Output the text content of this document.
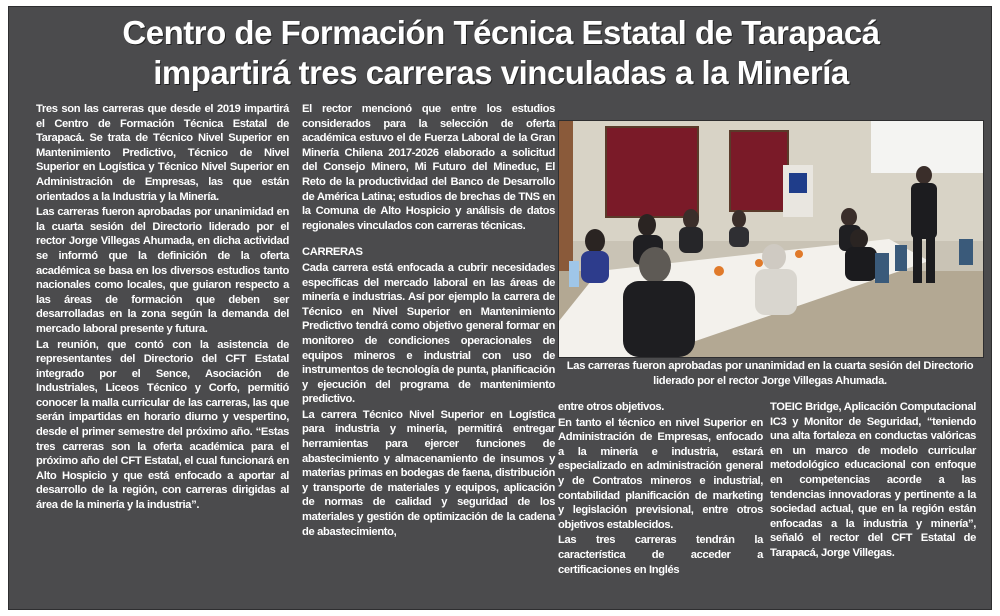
Centro de Formación Técnica Estatal de Tarapacá
impartirá tres carreras vinculadas a la Minería

Tres son las carreras que desde el 2019 impartirá el Centro de Formación Técnica Estatal de Tarapacá. Se trata de Técnico Nivel Superior en Mantenimiento Predictivo, Técnico de Nivel Superior en Logística y Técnico Nivel Superior en Administración de Empresas, las que están orientados a la Industria y la Minería.

Las carreras fueron aprobadas por unanimidad en la cuarta sesión del Directorio liderado por el rector Jorge Villegas Ahumada, en dicha actividad se informó que la definición de la oferta académica se basa en los diversos estudios tanto nacionales como locales, que guiaron respecto a las áreas de formación que deben ser desarrolladas en la zona según la demanda del mercado laboral presente y futura.

La reunión, que contó con la asistencia de representantes del Directorio del CFT Estatal integrado por el Sence, Asociación de Industriales, Liceos Técnico y Corfo, permitió conocer la malla curricular de las carreras, las que serán impartidas en horario diurno y vespertino, desde el primer semestre del próximo año. “Estas tres carreras son la oferta académica para el próximo año del CFT Estatal, el cual funcionará en Alto Hospicio y que está enfocado a aportar al desarrollo de la región, con carreras dirigidas al área de la minería y la industria”.

El rector mencionó que entre los estudios considerados para la selección de oferta académica estuvo el de Fuerza Laboral de la Gran Minería Chilena 2017-2026 elaborado a solicitud del Consejo Minero, Mi Futuro del Mineduc, El Reto de la productividad del Banco de Desarrollo de América Latina; estudios de brechas de TNS en la Comuna de Alto Hospicio y análisis de datos regionales vinculados con carreras técnicas.

CARRERAS

Cada carrera está enfocada a cubrir necesidades específicas del mercado laboral en las áreas de minería e industrias. Así por ejemplo la carrera de Técnico en Nivel Superior en Mantenimiento Predictivo tendrá como objetivo general formar en monitoreo de condiciones operacionales de equipos mineros e industrial con uso de instrumentos de tecnología de punta, planificación y ejecución del programa de mantenimiento predictivo.

La carrera Técnico Nivel Superior en Logística para industria y minería, permitirá entregar herramientas para ejercer funciones de abastecimiento y almacenamiento de insumos y materias primas en bodegas de faena, distribución y transporte de materiales y equipos, aplicación de normas de calidad y seguridad de los materiales y gestión de optimización de la cadena de abastecimiento,

Las carreras fueron aprobadas por unanimidad en la cuarta sesión del Directorio liderado por el rector Jorge Villegas Ahumada.

entre otros objetivos.

En tanto el técnico en nivel Superior en Administración de Empresas, enfocado a la minería e industria, estará especializado en administración general y de Contratos mineros e industrial, contabilidad planificación de marketing y legislación previsional, entre otros objetivos establecidos.

Las tres carreras tendrán la característica de acceder a certificaciones en Inglés

TOEIC Bridge, Aplicación Computacional IC3 y Monitor de Seguridad, “teniendo una alta fortaleza en conductas valóricas en un marco de modelo curricular metodológico educacional con enfoque en competencias acorde a las tendencias innovadoras y pertinente a la sociedad actual, que en la región están enfocadas a la industria y minería”, señaló el rector del CFT Estatal de Tarapacá, Jorge Villegas.
